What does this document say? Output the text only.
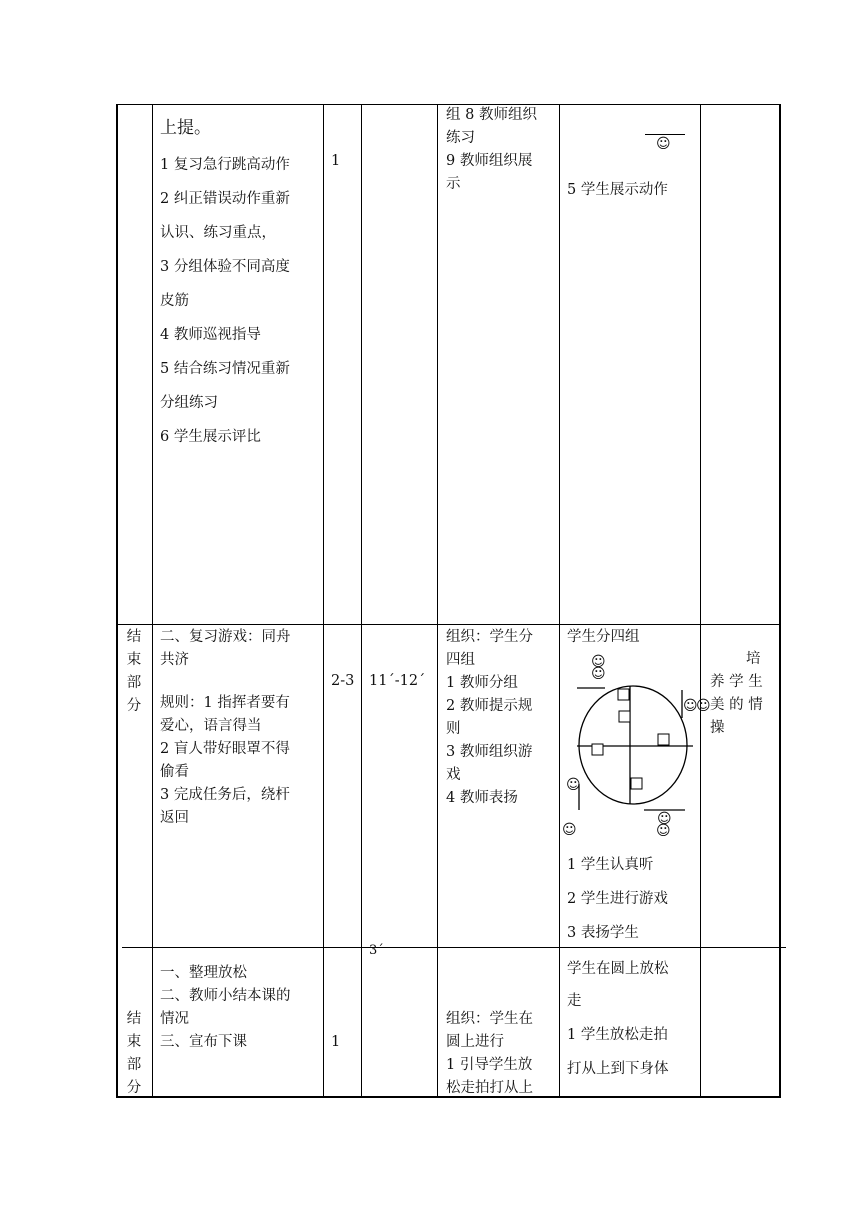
上提。
1 复习急行跳高动作
2 纠正错误动作重新
认识、练习重点，
3 分组体验不同高度
皮筋
4 教师巡视指导
5 结合练习情况重新
分组练习
6 学生展示评比
1
组 8 教师组织
练习
9 教师组织展
示
☺
5 学生展示动作
结
束
部
分
二、复习游戏：同舟
共济
规则：1 指挥者要有
爱心，语言得当
2 盲人带好眼罩不得
偷看
3 完成任务后，绕杆
返回
2-3 11´-12´
组织：学生分
四组
1 教师分组
2 教师提示规
则
3 教师组织游
戏
4 教师表扬
学生分四组
☺
☺
☺
☺
☺
☺
☺
☺
1 学生认真听
2 学生进行游戏
3 表扬学生
培
养 学 生
美 的 情
操
3´
结
束
部
分
一、整理放松
二、教师小结本课的
情况
三、宣布下课	1
组织：学生在
圆上进行
1 引导学生放
松走拍打从上
学生在圆上放松
走
1 学生放松走拍
打从上到下身体
